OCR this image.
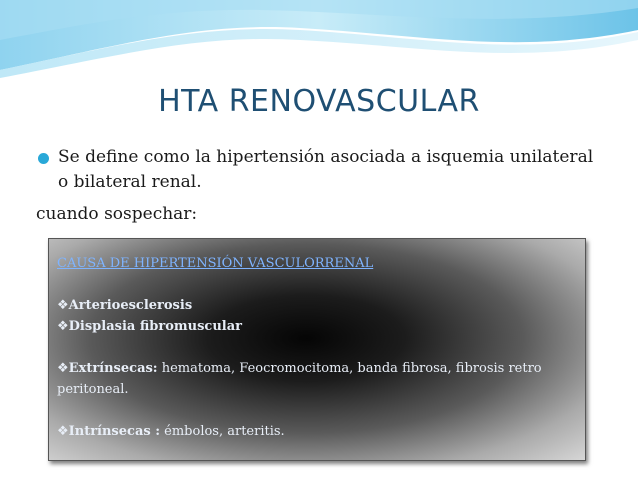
HTA RENOVASCULAR
Se define como la hipertensión asociada a isquemia unilateral o bilateral renal.
cuando sospechar:
CAUSA DE HIPERTENSIÓN VASCULORRENAL
❖Arterioesclerosis
❖Displasia fibromuscular
❖Extrínsecas: hematoma, Feocromocitoma, banda fibrosa, fibrosis retro peritoneal.
❖Intrínsecas : émbolos, arteritis.
